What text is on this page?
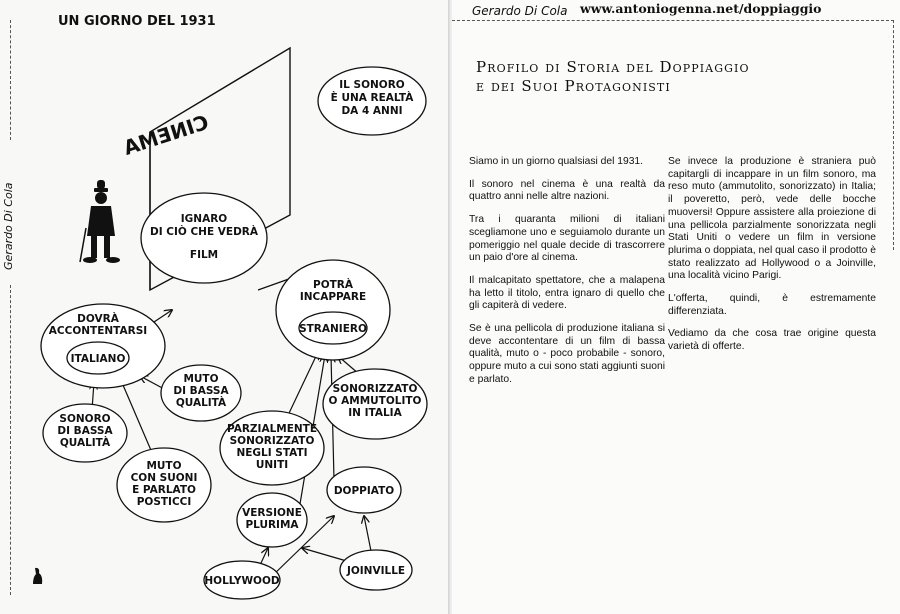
Gerardo Di Cola
UN GIORNO DEL 1931
CINEMA
IL SONORO
È UNA REALTÀ
DA 4 ANNI
IGNARO
DI CIÒ CHE VEDRÀ
FILM
POTRÀ
INCAPPARE
STRANIERO
DOVRÀ
ACCONTENTARSI
ITALIANO
MUTO
DI BASSA
QUALITÀ
SONORO
DI BASSA
QUALITÀ
SONORIZZATO
O AMMUTOLITO
IN ITALIA
PARZIALMENTE
SONORIZZATO
NEGLI STATI
UNITI
MUTO
CON SUONI
E PARLATO
POSTICCI
DOPPIATO
VERSIONE
PLURIMA
HOLLYWOOD
JOINVILLE
Gerardo Di Cola www.antoniogenna.net/doppiaggio
Profilo di Storia del Doppiaggio
e dei Suoi Protagonisti

Siamo in un giorno qualsiasi del 1931.

Il sonoro nel cinema è una realtà da quattro anni nelle altre nazioni.

Tra i quaranta milioni di italiani scegliamone uno e seguiamolo durante un pomeriggio nel quale decide di trascorrere un paio d'ore al cinema.

Il malcapitato spettatore, che a malapena ha letto il titolo, entra ignaro di quello che gli capiterà di vedere.

Se è una pellicola di produzione italiana si deve accontentare di un film di bassa qualità, muto o - poco probabile - sonoro, oppure muto a cui sono stati aggiunti suoni e parlato.

Se invece la produzione è straniera può capitargli di incappare in un film sonoro, ma reso muto (ammutolito, sonorizzato) in Italia; il poveretto, però, vede delle bocche muoversi! Oppure assistere alla proiezione di una pellicola parzialmente sonorizzata negli Stati Uniti o vedere un film in versione plurima o doppiata, nel qual caso il prodotto è stato realizzato ad Hollywood o a Joinville, una località vicino Parigi.

L'offerta, quindi, è estremamente differenziata.

Vediamo da che cosa trae origine questa varietà di offerte.
